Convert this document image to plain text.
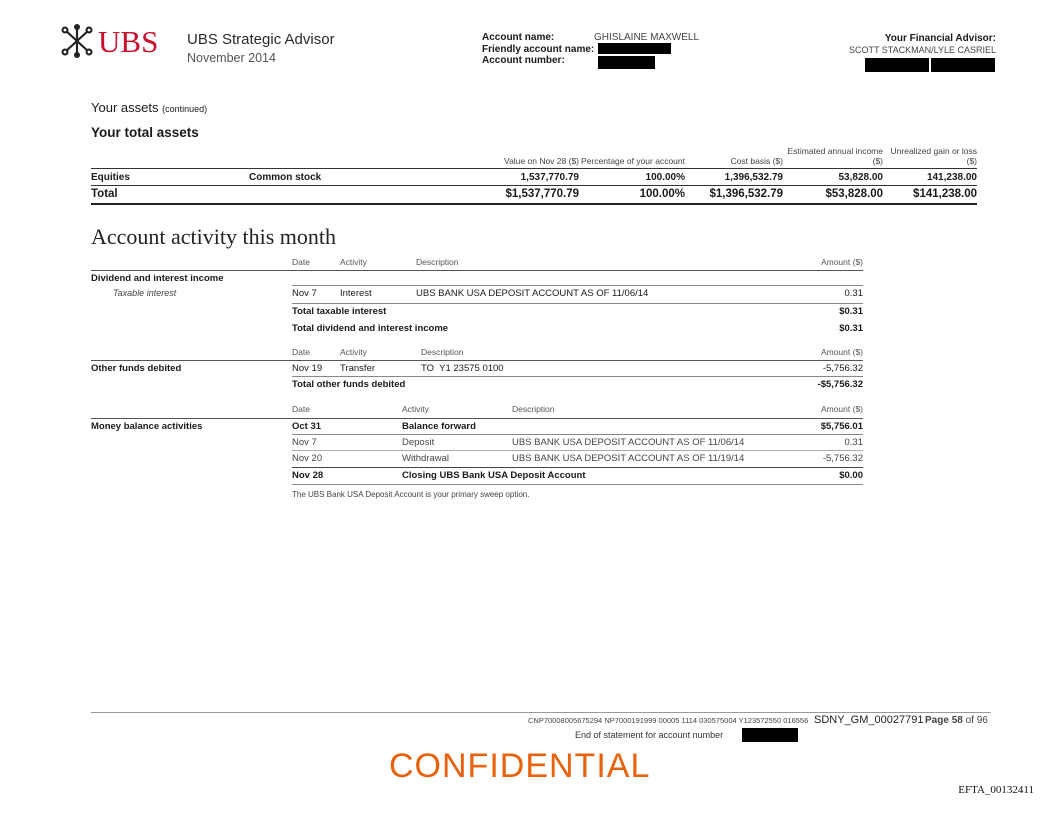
UBS UBS Strategic Advisor
November 2014
Account name:
Friendly account name:
Account number:
GHISLAINE MAXWELL	Your Financial Advisor:
SCOTT STACKMAN/LYLE CASRIEL
Your assets (continued)
Your total assets
		Value on Nov 28 ($)	Percentage of your account	Cost basis ($)	Estimated annual income ($)	Unrealized gain or loss ($)
Equities	Common stock	1,537,770.79	100.00%	1,396,532.79	53,828.00	141,238.00
Total		$1,537,770.79	100.00%	$1,396,532.79	$53,828.00	$141,238.00
Account activity this month
Date	Activity	Description	Amount ($)
Dividend and interest income
Taxable interest	Nov 7 Interest	UBS BANK USA DEPOSIT ACCOUNT AS OF 11/06/14	0.31
Total taxable interest	$0.31
Total dividend and interest income	$0.31
Date	Activity	Description	Amount ($)
Other funds debited	Nov 19 Transfer	TO  Y1 23575 0100	-5,756.32
Total other funds debited	-$5,756.32
Date	Activity	Description	Amount ($)
Money balance activities	Oct 31	Balance forward	$5,756.01
Nov 7	Deposit	UBS BANK USA DEPOSIT ACCOUNT AS OF 11/06/14	0.31
Nov 20	Withdrawal	UBS BANK USA DEPOSIT ACCOUNT AS OF 11/19/14	-5,756.32
Nov 28	Closing UBS Bank USA Deposit Account	$0.00
The UBS Bank USA Deposit Account is your primary sweep option.
CNP70008005675294 NP7000191999 00005 1114 030575004 Y123572550 016556 SDNY_GM_00027791 Page 58 of 96
End of statement for account number
CONFIDENTIAL
EFTA_00132411
